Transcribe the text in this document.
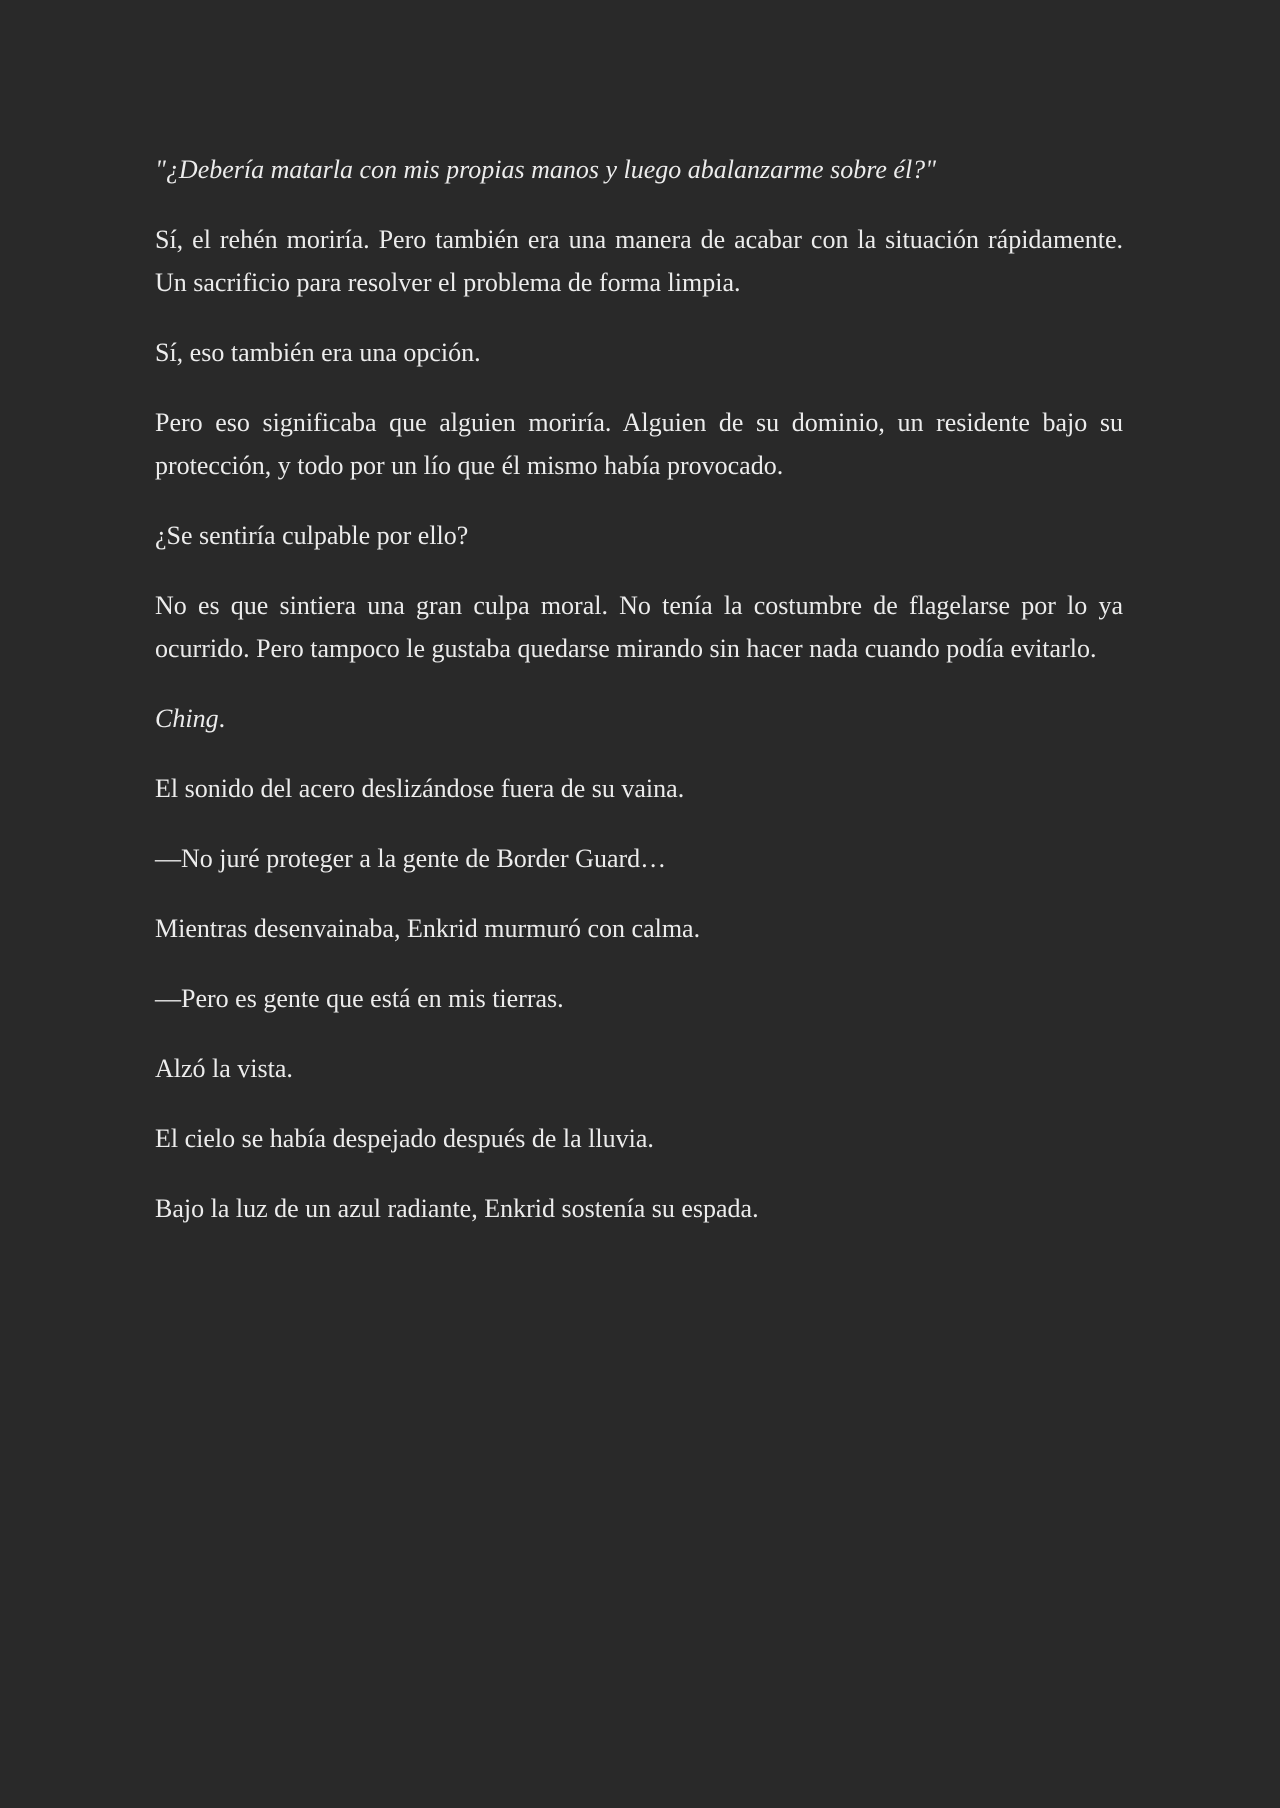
"¿Debería matarla con mis propias manos y luego abalanzarme sobre él?"

Sí, el rehén moriría. Pero también era una manera de acabar con la situación rápidamente. Un sacrificio para resolver el problema de forma limpia.

Sí, eso también era una opción.

Pero eso significaba que alguien moriría. Alguien de su dominio, un residente bajo su protección, y todo por un lío que él mismo había provocado.

¿Se sentiría culpable por ello?

No es que sintiera una gran culpa moral. No tenía la costumbre de flagelarse por lo ya ocurrido. Pero tampoco le gustaba quedarse mirando sin hacer nada cuando podía evitarlo.

Ching.

El sonido del acero deslizándose fuera de su vaina.

—No juré proteger a la gente de Border Guard…

Mientras desenvainaba, Enkrid murmuró con calma.

—Pero es gente que está en mis tierras.

Alzó la vista.

El cielo se había despejado después de la lluvia.

Bajo la luz de un azul radiante, Enkrid sostenía su espada.
